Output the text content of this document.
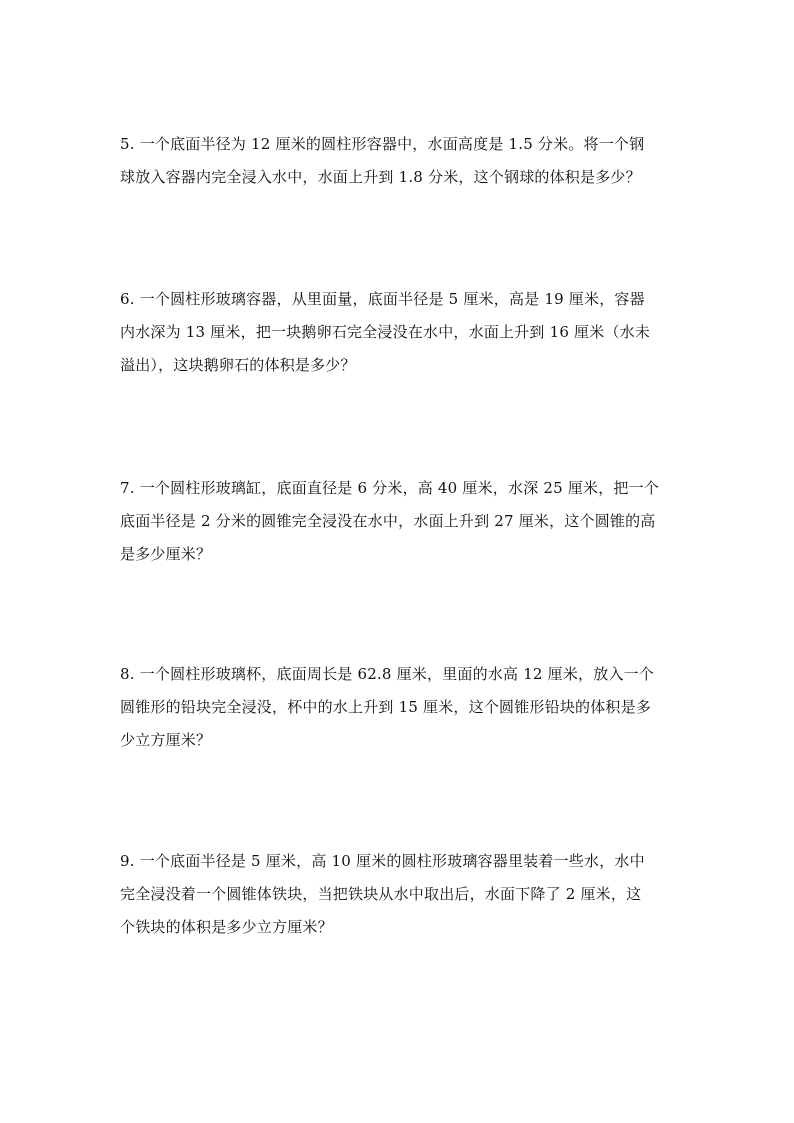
5. 一个底面半径为 12 厘米的圆柱形容器中，水面高度是 1.5 分米。将一个钢
球放入容器内完全浸入水中，水面上升到 1.8 分米，这个钢球的体积是多少？
6. 一个圆柱形玻璃容器，从里面量，底面半径是 5 厘米，高是 19 厘米，容器
内水深为 13 厘米，把一块鹅卵石完全浸没在水中，水面上升到 16 厘米（水未
溢出），这块鹅卵石的体积是多少？
7. 一个圆柱形玻璃缸，底面直径是 6 分米，高 40 厘米，水深 25 厘米，把一个
底面半径是 2 分米的圆锥完全浸没在水中，水面上升到 27 厘米，这个圆锥的高
是多少厘米？
8. 一个圆柱形玻璃杯，底面周长是 62.8 厘米，里面的水高 12 厘米，放入一个
圆锥形的铅块完全浸没，杯中的水上升到 15 厘米，这个圆锥形铅块的体积是多
少立方厘米？
9. 一个底面半径是 5 厘米，高 10 厘米的圆柱形玻璃容器里装着一些水，水中
完全浸没着一个圆锥体铁块，当把铁块从水中取出后，水面下降了 2 厘米，这
个铁块的体积是多少立方厘米？
